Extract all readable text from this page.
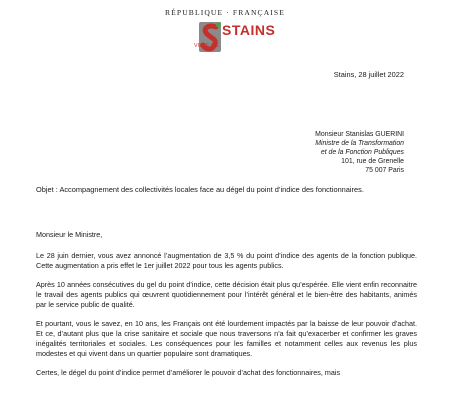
RÉPUBLIQUE · FRANÇAISE
STAINS
VILLE DE
Stains, 28 juillet 2022
Monsieur Stanislas GUERINI
Ministre de la Transformation
et de la Fonction Publiques
101, rue de Grenelle
75 007 Paris
Objet : Accompagnement des collectivités locales face au dégel du point d’indice des fonctionnaires.

Monsieur le Ministre,

Le 28 juin dernier, vous avez annoncé l’augmentation de 3,5 % du point d’indice des agents de la fonction publique. Cette augmentation a pris effet le 1er juillet 2022 pour tous les agents publics.

Après 10 années consécutives du gel du point d’indice, cette décision était plus qu’espérée. Elle vient enfin reconnaitre le travail des agents publics qui œuvrent quotidiennement pour l’intérêt général et le bien-être des habitants, animés par le service public de qualité.

Et pourtant, vous le savez, en 10 ans, les Français ont été lourdement impactés par la baisse de leur pouvoir d’achat. Et ce, d’autant plus que la crise sanitaire et sociale que nous traversons n’a fait qu’exacerber et confirmer les graves inégalités territoriales et sociales. Les conséquences pour les familles et notamment celles aux revenus les plus modestes et qui vivent dans un quartier populaire sont dramatiques.

Certes, le dégel du point d’indice permet d’améliorer le pouvoir d’achat des fonctionnaires, mais
